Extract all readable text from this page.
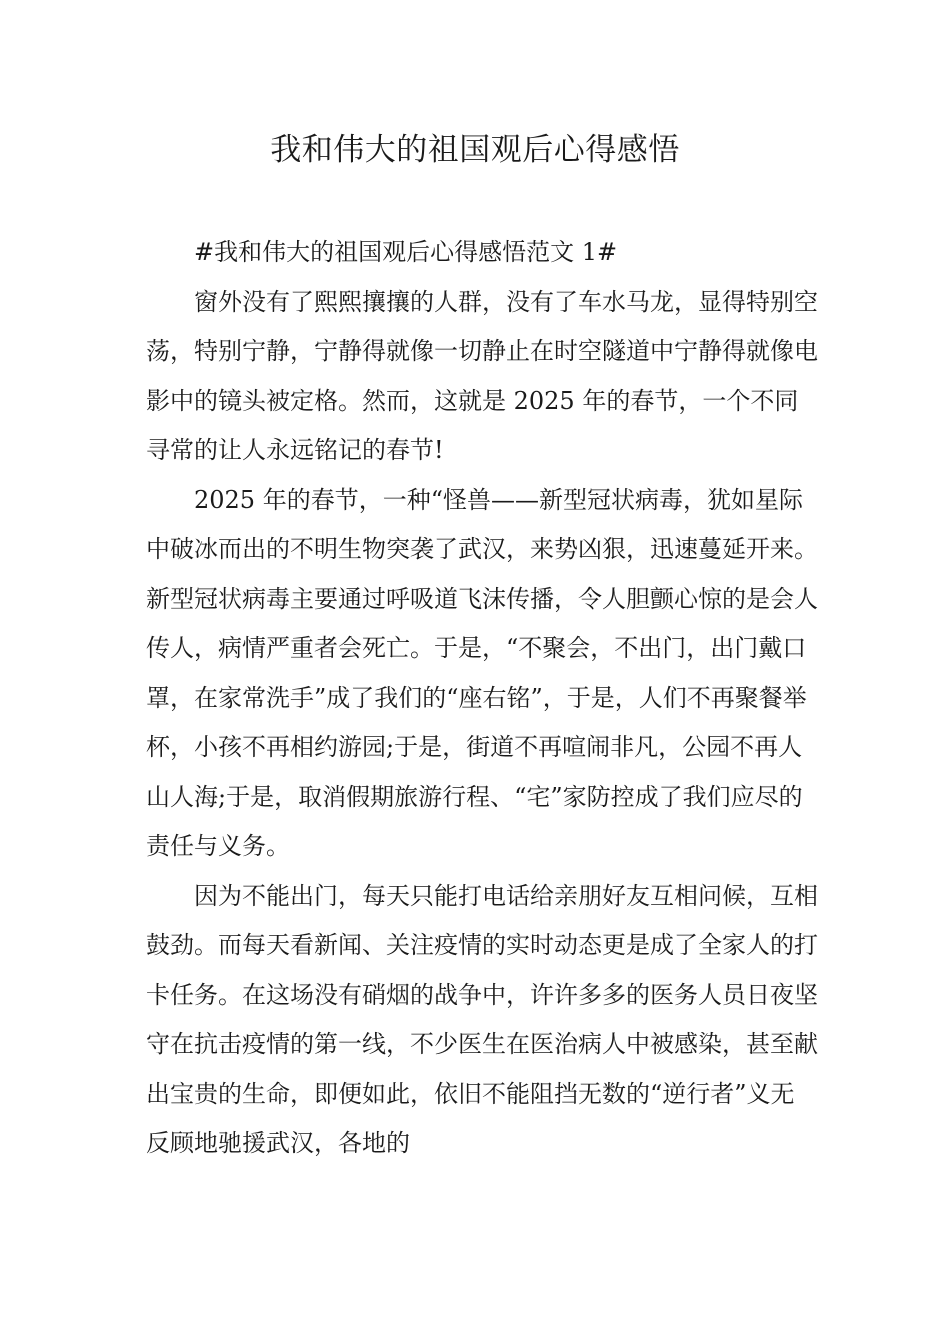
我和伟大的祖国观后心得感悟

#我和伟大的祖国观后心得感悟范文 1#

窗外没有了熙熙攘攘的人群，没有了车水马龙，显得特别空荡，特别宁静，宁静得就像一切静止在时空隧道中宁静得就像电影中的镜头被定格。然而，这就是 2025 年的春节，一个不同寻常的让人永远铭记的春节!

2025 年的春节，一种“怪兽——新型冠状病毒，犹如星际中破冰而出的不明生物突袭了武汉，来势凶狠，迅速蔓延开来。新型冠状病毒主要通过呼吸道飞沫传播，令人胆颤心惊的是会人传人，病情严重者会死亡。于是，“不聚会，不出门，出门戴口罩，在家常洗手”成了我们的“座右铭”，于是，人们不再聚餐举杯，小孩不再相约游园;于是，街道不再喧闹非凡，公园不再人山人海;于是，取消假期旅游行程、“宅”家防控成了我们应尽的责任与义务。

因为不能出门，每天只能打电话给亲朋好友互相问候，互相鼓劲。而每天看新闻、关注疫情的实时动态更是成了全家人的打卡任务。在这场没有硝烟的战争中，许许多多的医务人员日夜坚守在抗击疫情的第一线，不少医生在医治病人中被感染，甚至献出宝贵的生命，即便如此，依旧不能阻挡无数的“逆行者”义无反顾地驰援武汉，各地的
